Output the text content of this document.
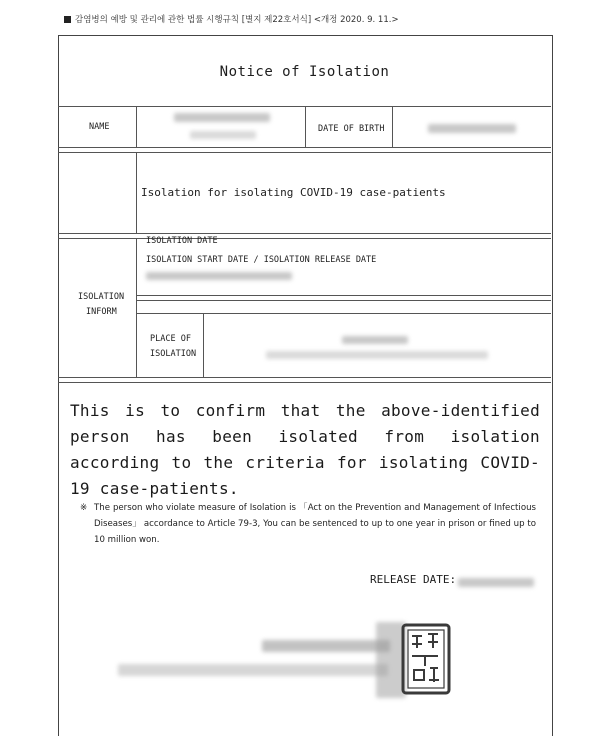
감염병의 예방 및 관리에 관한 법률 시행규칙 [별지 제22호서식] <개정 2020. 9. 11.>
Notice of Isolation
NAME	DATE OF BIRTH
Isolation for isolating COVID-19 case-patients
ISOLATION
INFORM
ISOLATION DATE
ISOLATION START DATE / ISOLATION RELEASE DATE
PLACE OF
ISOLATION
This is to confirm that the above-identified person has been isolated from isolation according to the criteria for isolating COVID-19 case-patients.
※ The person who violate measure of Isolation is 「Act on the Prevention and Management of Infectious Diseases」 accordance to Article 79-3, You can be sentenced to up to one year in prison or fined up to 10 million won.
RELEASE DATE:
